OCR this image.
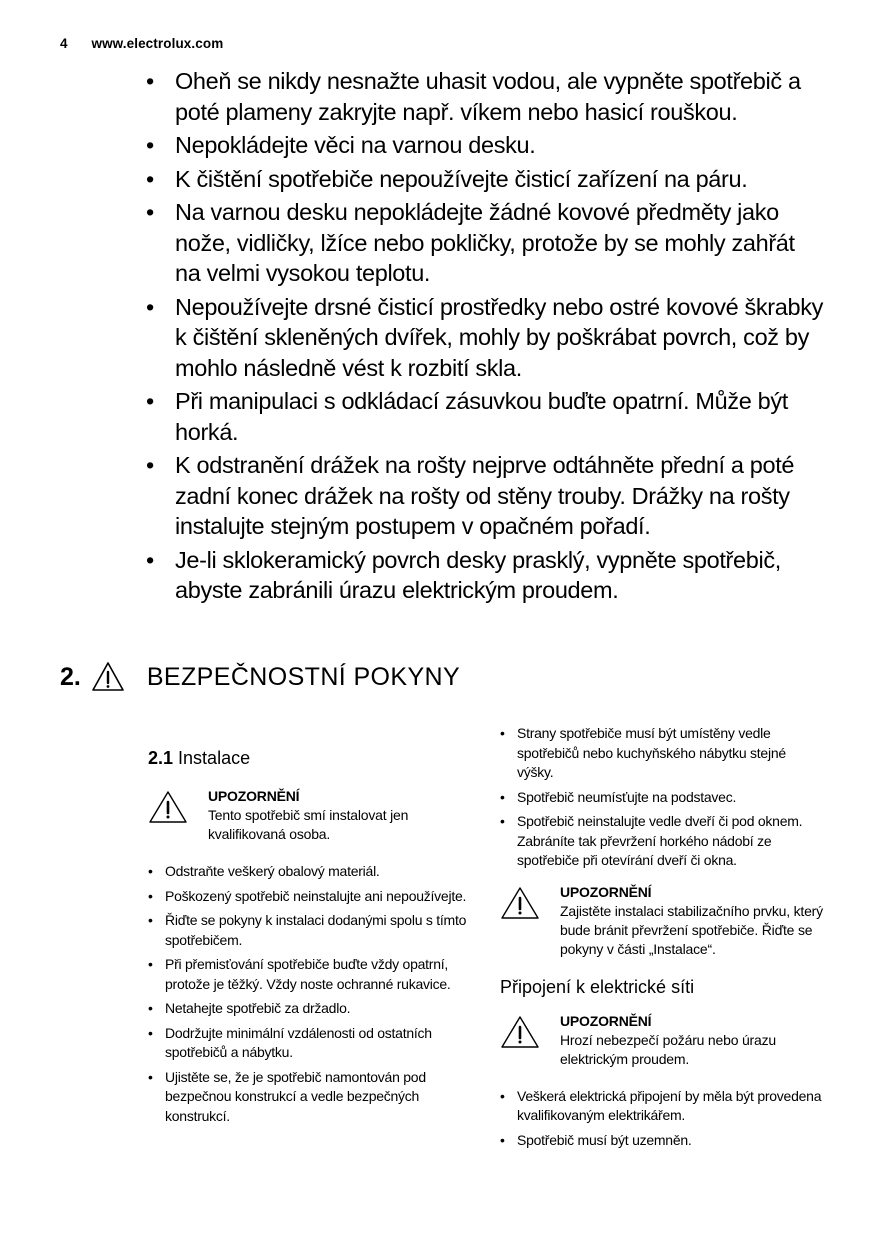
4 www.electrolux.com
• Oheň se nikdy nesnažte uhasit vodou, ale vypněte spotřebič a poté plameny zakryjte např. víkem nebo hasicí rouškou.
• Nepokládejte věci na varnou desku.
• K čištění spotřebiče nepoužívejte čisticí zařízení na páru.
• Na varnou desku nepokládejte žádné kovové předměty jako nože, vidličky, lžíce nebo pokličky, protože by se mohly zahřát na velmi vysokou teplotu.
• Nepoužívejte drsné čisticí prostředky nebo ostré kovové škrabky k čištění skleněných dvířek, mohly by poškrábat povrch, což by mohlo následně vést k rozbití skla.
• Při manipulaci s odkládací zásuvkou buďte opatrní. Může být horká.
• K odstranění drážek na rošty nejprve odtáhněte přední a poté zadní konec drážek na rošty od stěny trouby. Drážky na rošty instalujte stejným postupem v opačném pořadí.
• Je-li sklokeramický povrch desky prasklý, vypněte spotřebič, abyste zabránili úrazu elektrickým proudem.
2.	BEZPEČNOSTNÍ POKYNY
2.1 Instalace
UPOZORNĚNÍ
Tento spotřebič smí instalovat jen kvalifikovaná osoba.
• Odstraňte veškerý obalový materiál.
• Poškozený spotřebič neinstalujte ani nepoužívejte.
• Řiďte se pokyny k instalaci dodanými spolu s tímto spotřebičem.
• Při přemisťování spotřebiče buďte vždy opatrní, protože je těžký. Vždy noste ochranné rukavice.
• Netahejte spotřebič za držadlo.
• Dodržujte minimální vzdálenosti od ostatních spotřebičů a nábytku.
• Ujistěte se, že je spotřebič namontován pod bezpečnou konstrukcí a vedle bezpečných konstrukcí.
• Strany spotřebiče musí být umístěny vedle spotřebičů nebo kuchyňského nábytku stejné výšky.
• Spotřebič neumísťujte na podstavec.
• Spotřebič neinstalujte vedle dveří či pod oknem. Zabráníte tak převržení horkého nádobí ze spotřebiče při otevírání dveří či okna.
UPOZORNĚNÍ
Zajistěte instalaci stabilizačního prvku, který bude bránit převržení spotřebiče. Řiďte se pokyny v části „Instalace“.
Připojení k elektrické síti
UPOZORNĚNÍ
Hrozí nebezpečí požáru nebo úrazu elektrickým proudem.
• Veškerá elektrická připojení by měla být provedena kvalifikovaným elektrikářem.
• Spotřebič musí být uzemněn.
